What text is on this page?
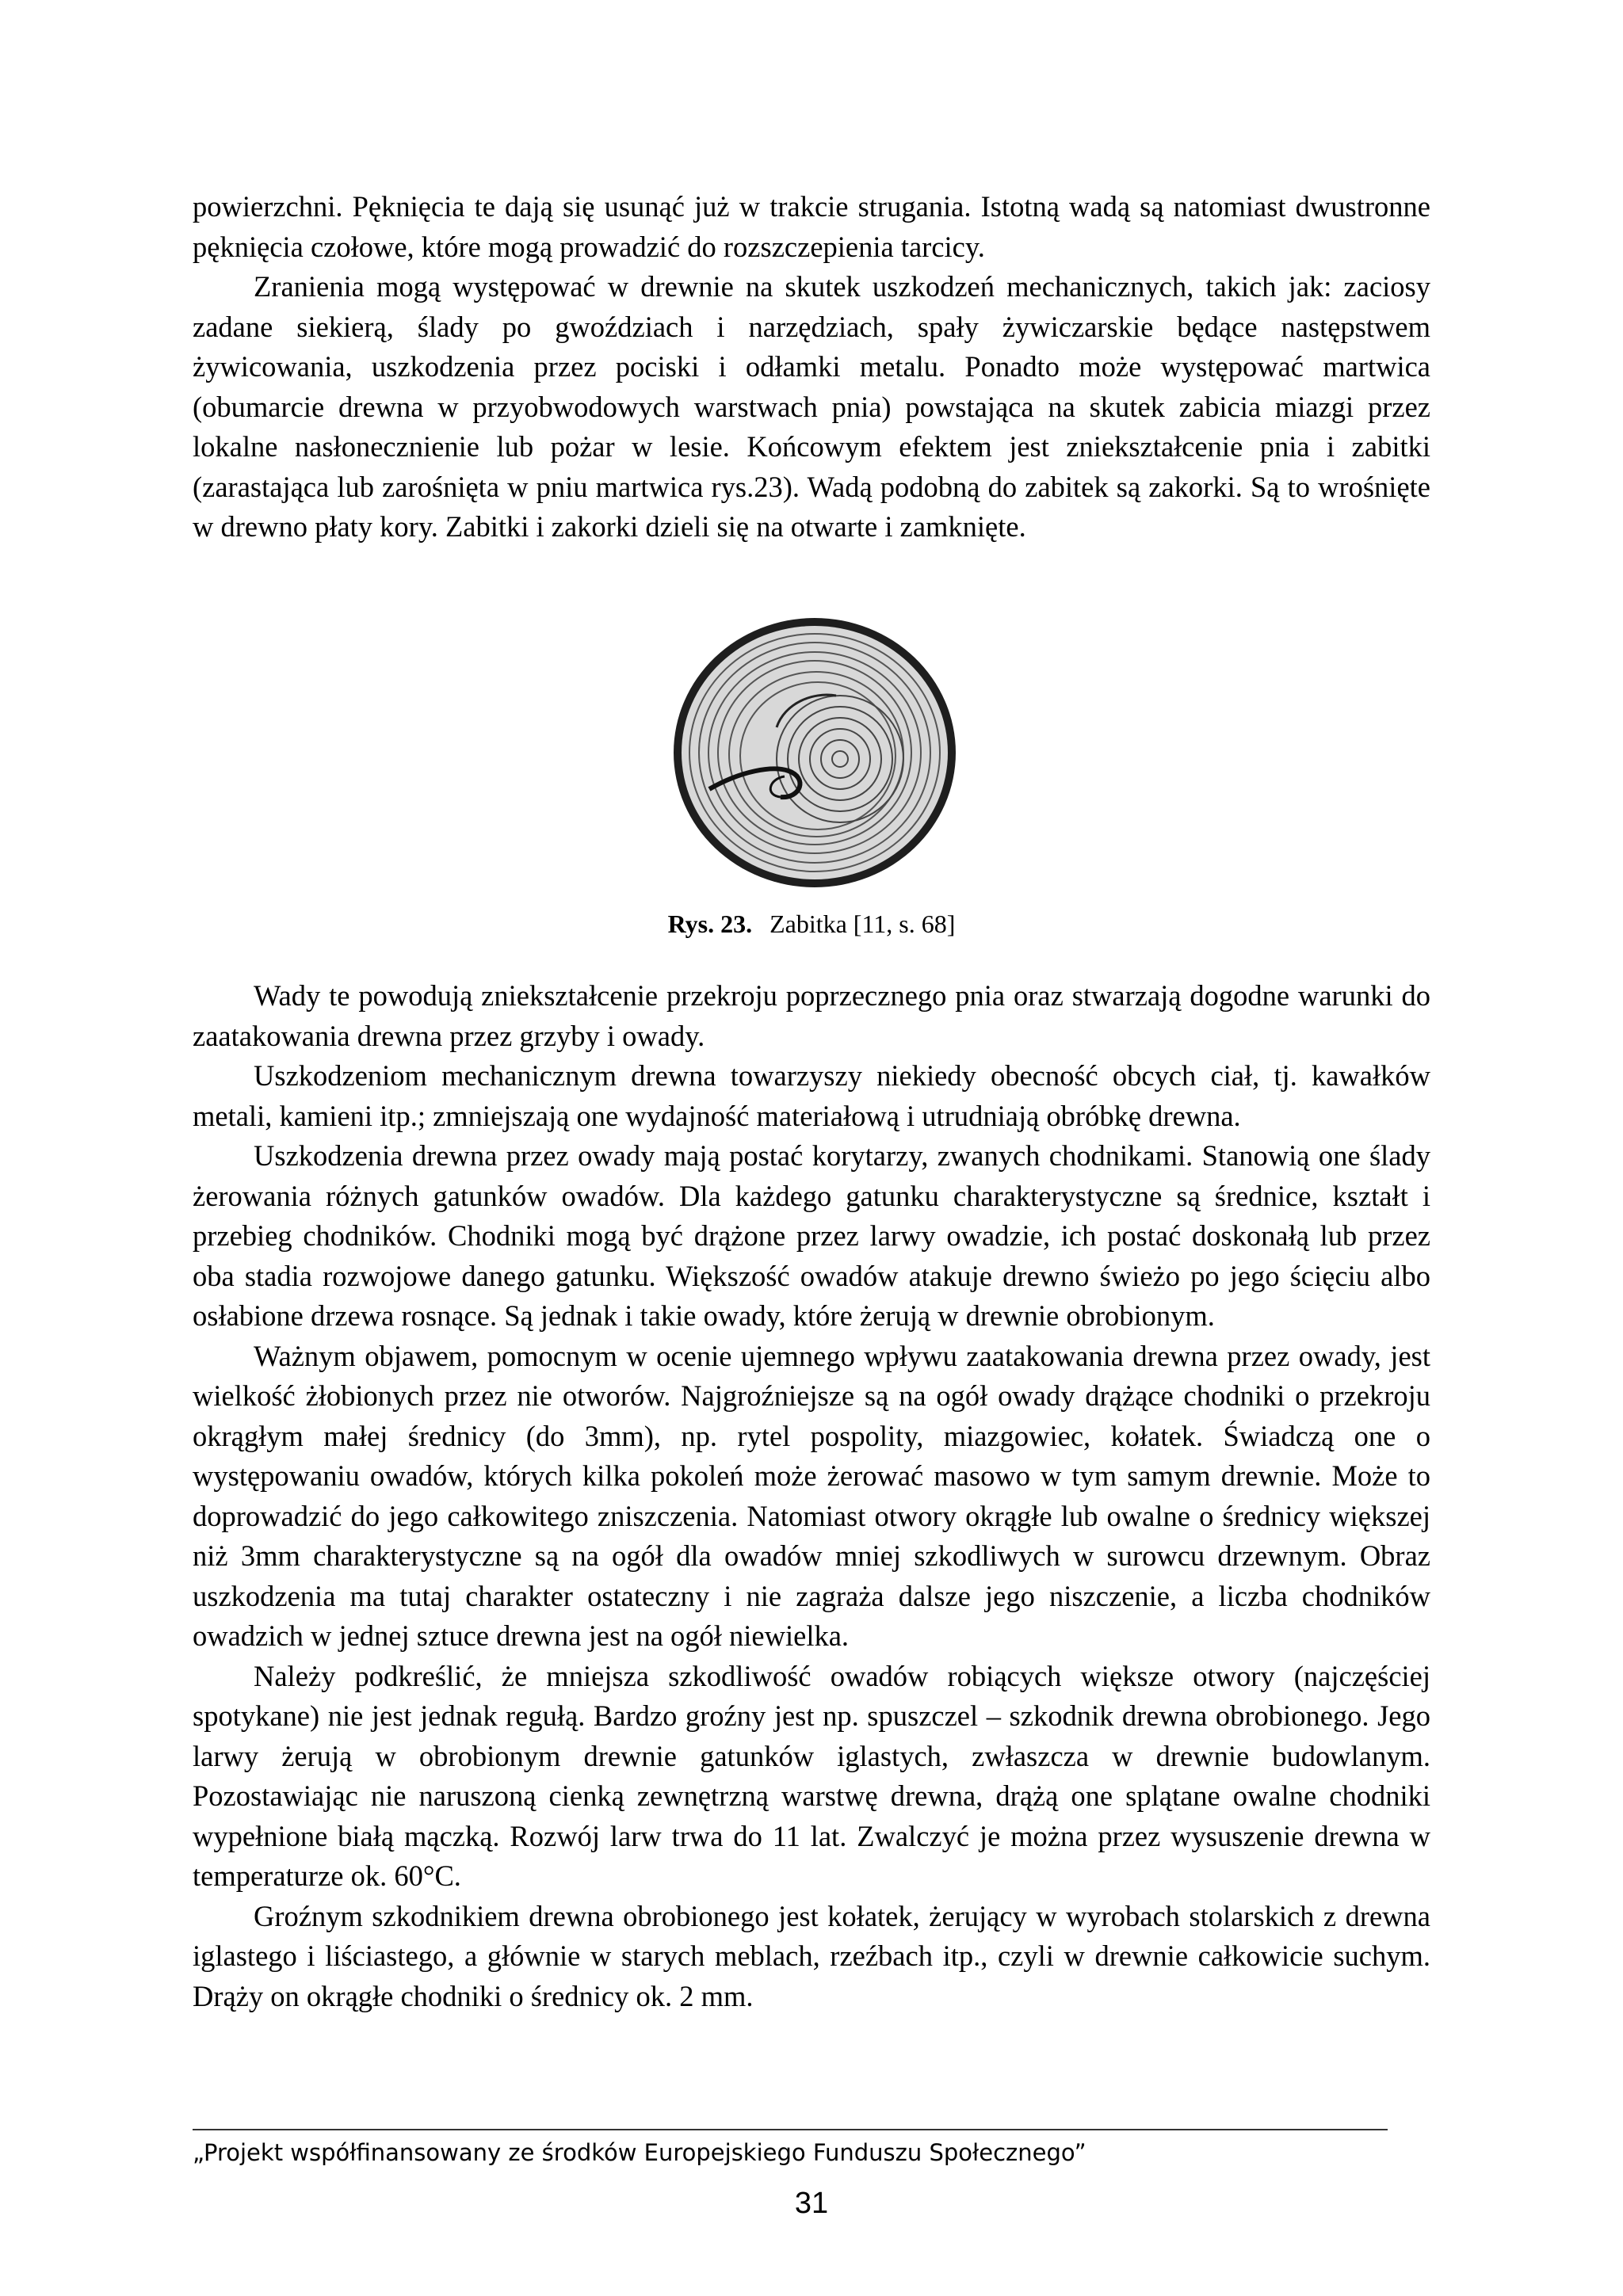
powierzchni. Pęknięcia te dają się usunąć już w trakcie strugania. Istotną wadą są natomiast dwustronne pęknięcia czołowe, które mogą prowadzić do rozszczepienia tarcicy.

Zranienia mogą występować w drewnie na skutek uszkodzeń mechanicznych, takich jak: zaciosy zadane siekierą, ślady po gwoździach i narzędziach, spały żywiczarskie będące następstwem żywicowania, uszkodzenia przez pociski i odłamki metalu. Ponadto może występować martwica (obumarcie drewna w przyobwodowych warstwach pnia) powstająca na skutek zabicia miazgi przez lokalne nasłonecznienie lub pożar w lesie. Końcowym efektem jest zniekształcenie pnia i zabitki (zarastająca lub zarośnięta w pniu martwica rys.23). Wadą podobną do zabitek są zakorki. Są to wrośnięte w drewno płaty kory. Zabitki i zakorki dzieli się na otwarte i zamknięte.

Rys. 23. Zabitka [11, s. 68]

Wady te powodują zniekształcenie przekroju poprzecznego pnia oraz stwarzają dogodne warunki do zaatakowania drewna przez grzyby i owady.

Uszkodzeniom mechanicznym drewna towarzyszy niekiedy obecność obcych ciał, tj. kawałków metali, kamieni itp.; zmniejszają one wydajność materiałową i utrudniają obróbkę drewna.

Uszkodzenia drewna przez owady mają postać korytarzy, zwanych chodnikami. Stanowią one ślady żerowania różnych gatunków owadów. Dla każdego gatunku charakterystyczne są średnice, kształt i przebieg chodników. Chodniki mogą być drążone przez larwy owadzie, ich postać doskonałą lub przez oba stadia rozwojowe danego gatunku. Większość owadów atakuje drewno świeżo po jego ścięciu albo osłabione drzewa rosnące. Są jednak i takie owady, które żerują w drewnie obrobionym.

Ważnym objawem, pomocnym w ocenie ujemnego wpływu zaatakowania drewna przez owady, jest wielkość żłobionych przez nie otworów. Najgroźniejsze są na ogół owady drążące chodniki o przekroju okrągłym małej średnicy (do 3mm), np. rytel pospolity, miazgowiec, kołatek. Świadczą one o występowaniu owadów, których kilka pokoleń może żerować masowo w tym samym drewnie. Może to doprowadzić do jego całkowitego zniszczenia. Natomiast otwory okrągłe lub owalne o średnicy większej niż 3mm charakterystyczne są na ogół dla owadów mniej szkodliwych w surowcu drzewnym. Obraz uszkodzenia ma tutaj charakter ostateczny i nie zagraża dalsze jego niszczenie, a liczba chodników owadzich w jednej sztuce drewna jest na ogół niewielka.

Należy podkreślić, że mniejsza szkodliwość owadów robiących większe otwory (najczęściej spotykane) nie jest jednak regułą. Bardzo groźny jest np. spuszczel – szkodnik drewna obrobionego. Jego larwy żerują w obrobionym drewnie gatunków iglastych, zwłaszcza w drewnie budowlanym. Pozostawiając nie naruszoną cienką zewnętrzną warstwę drewna, drążą one splątane owalne chodniki wypełnione białą mączką. Rozwój larw trwa do 11 lat. Zwalczyć je można przez wysuszenie drewna w temperaturze ok. 60°C.

Groźnym szkodnikiem drewna obrobionego jest kołatek, żerujący w wyrobach stolarskich z drewna iglastego i liściastego, a głównie w starych meblach, rzeźbach itp., czyli w drewnie całkowicie suchym. Drąży on okrągłe chodniki o średnicy ok. 2 mm.

„Projekt współfinansowany ze środków Europejskiego Funduszu Społecznego”
31
